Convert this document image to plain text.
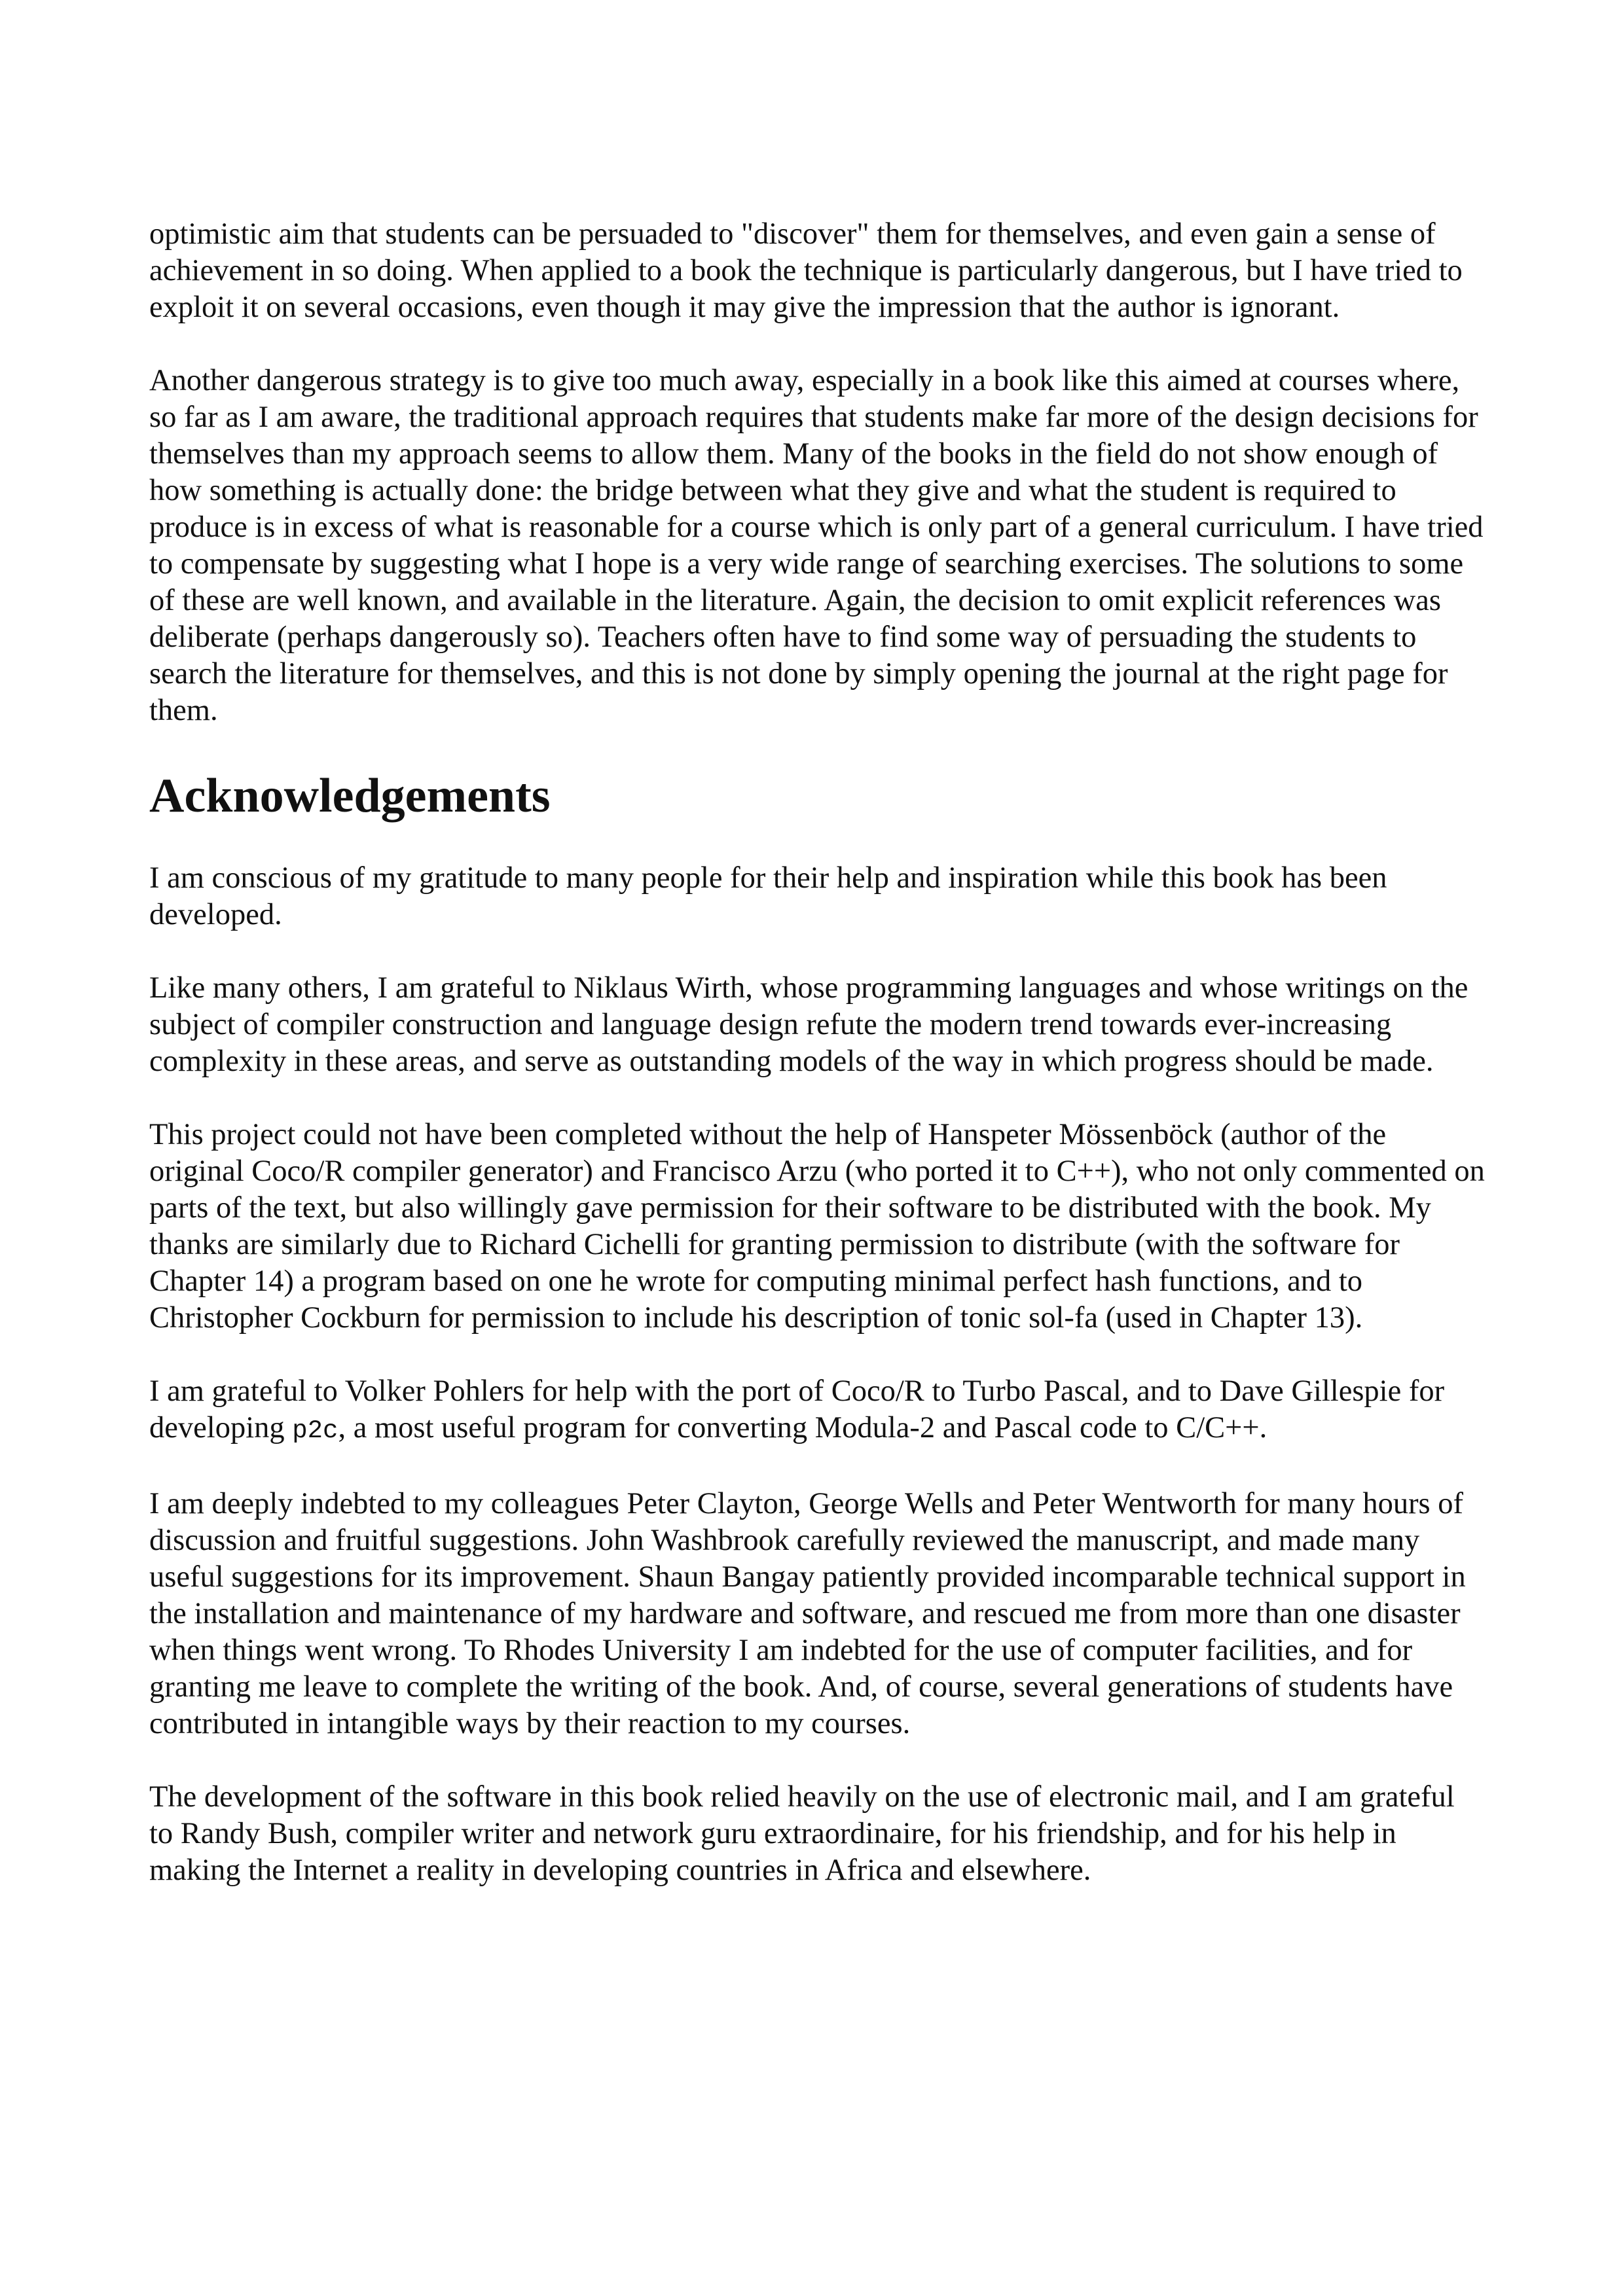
optimistic aim that students can be persuaded to "discover" them for themselves, and even gain a sense of achievement in so doing. When applied to a book the technique is particularly dangerous, but I have tried to exploit it on several occasions, even though it may give the impression that the author is ignorant.

Another dangerous strategy is to give too much away, especially in a book like this aimed at courses where, so far as I am aware, the traditional approach requires that students make far more of the design decisions for themselves than my approach seems to allow them. Many of the books in the field do not show enough of how something is actually done: the bridge between what they give and what the student is required to produce is in excess of what is reasonable for a course which is only part of a general curriculum. I have tried to compensate by suggesting what I hope is a very wide range of searching exercises. The solutions to some of these are well known, and available in the literature. Again, the decision to omit explicit references was deliberate (perhaps dangerously so). Teachers often have to find some way of persuading the students to search the literature for themselves, and this is not done by simply opening the journal at the right page for them.

Acknowledgements

I am conscious of my gratitude to many people for their help and inspiration while this book has been developed.

Like many others, I am grateful to Niklaus Wirth, whose programming languages and whose writings on the subject of compiler construction and language design refute the modern trend towards ever-increasing complexity in these areas, and serve as outstanding models of the way in which progress should be made.

This project could not have been completed without the help of Hanspeter Mössenböck (author of the original Coco/R compiler generator) and Francisco Arzu (who ported it to C++), who not only commented on parts of the text, but also willingly gave permission for their software to be distributed with the book. My thanks are similarly due to Richard Cichelli for granting permission to distribute (with the software for Chapter 14) a program based on one he wrote for computing minimal perfect hash functions, and to Christopher Cockburn for permission to include his description of tonic sol-fa (used in Chapter 13).

I am grateful to Volker Pohlers for help with the port of Coco/R to Turbo Pascal, and to Dave Gillespie for developing p2c, a most useful program for converting Modula-2 and Pascal code to C/C++.

I am deeply indebted to my colleagues Peter Clayton, George Wells and Peter Wentworth for many hours of discussion and fruitful suggestions. John Washbrook carefully reviewed the manuscript, and made many useful suggestions for its improvement. Shaun Bangay patiently provided incomparable technical support in the installation and maintenance of my hardware and software, and rescued me from more than one disaster when things went wrong. To Rhodes University I am indebted for the use of computer facilities, and for granting me leave to complete the writing of the book. And, of course, several generations of students have contributed in intangible ways by their reaction to my courses.

The development of the software in this book relied heavily on the use of electronic mail, and I am grateful to Randy Bush, compiler writer and network guru extraordinaire, for his friendship, and for his help in making the Internet a reality in developing countries in Africa and elsewhere.
